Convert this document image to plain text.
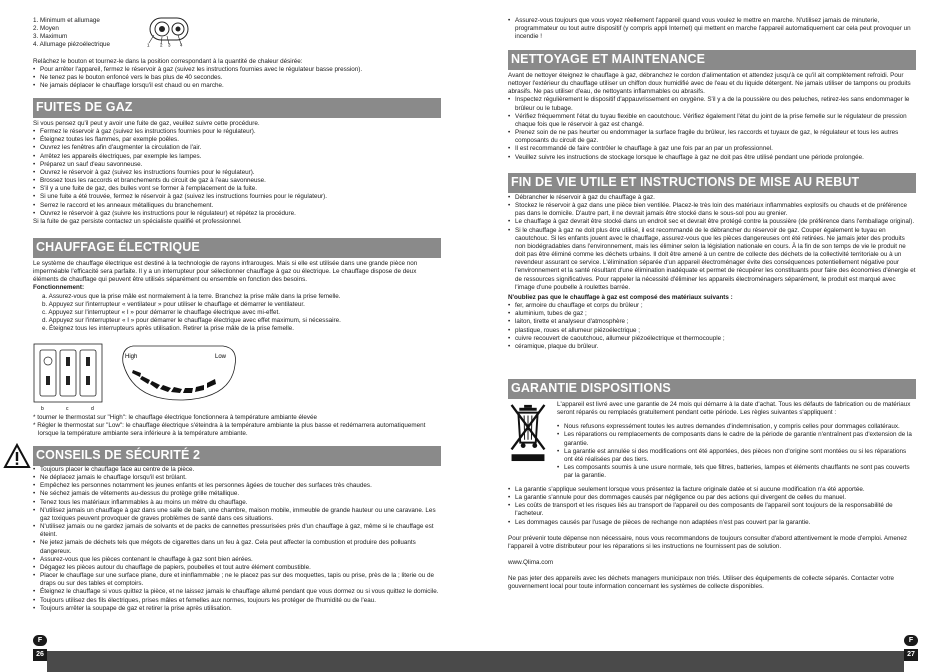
1. Minimum et allumage

2. Moyen

3. Maximum

4. Allumage piézoélectrique	1 2 3 4

Relâchez le bouton et tournez-le dans la position correspondant à la quantité de chaleur désirée:

• Pour arrêter l'appareil, fermez le réservoir à gaz (suivez les instructions fournies avec le régulateur basse pression).
• Ne tenez pas le bouton enfoncé vers le bas plus de 40 secondes.
• Ne jamais déplacer le chauffage lorsqu'il est chaud ou en marche.
FUITES DE GAZ

Si vous pensez qu'il peut y avoir une fuite de gaz, veuillez suivre cette procédure.

• Fermez le réservoir à gaz (suivez les instructions fournies pour le régulateur).
• Éteignez toutes les flammes, par exemple poêles.
• Ouvrez les fenêtres afin d'augmenter la circulation de l'air.
• Arrêtez les appareils électriques, par exemple les lampes.
• Préparez un sauf d'eau savonneuse.
• Ouvrez le réservoir à gaz (suivez les instructions fournies pour le régulateur).
• Brossez tous les raccords et branchements du circuit de gaz à l'eau savonneuse.
• S'il y a une fuite de gaz, des bulles vont se former à l'emplacement de la fuite.
• Si une fuite a été trouvée, fermez le réservoir à gaz (suivez les instructions fournies pour le régulateur).
• Serrez le raccord et les anneaux métalliques du branchement.
• Ouvrez le réservoir à gaz (suivre les instructions pour le régulateur) et répétez la procédure.

Si la fuite de gaz persiste contactez un spécialiste qualifié et professionnel.

CHAUFFAGE ÉLECTRIQUE

Le système de chauffage électrique est destiné à la technologie de rayons infrarouges. Mais si elle est utilisée dans une grande pièce non imperméable l'efficacité sera parfaite. Il y a un interrupteur pour sélectionner chauffage à gaz ou électrique. Le chauffage dispose de deux éléments de chauffage qui peuvent être utilisés séparément ou ensemble en fonction des besoins.

Fonctionnement:

a. Assurez-vous que la prise mâle est normalement à la terre. Branchez la prise mâle dans la prise femelle.
b. Appuyez sur l'interrupteur « ventilateur » pour utiliser le chauffage et démarrer le ventilateur.
c. Appuyez sur l'interrupteur « I » pour démarrer le chauffage électrique avec mi-effet.
d. Appuyez sur l'interrupteur « I » pour démarrer le chauffage électrique avec effet maximum, si nécessaire.
e. Éteignez tous les interrupteurs après utilisation. Retirer la prise mâle de la prise femelle.
b	c	d
High	Low

* tourner le thermostat sur "High": le chauffage électrique fonctionnera à température ambiante élevée

* Régler le thermostat sur "Low": le chauffage électrique s'éteindra à la température ambiante la plus basse et redémarrera automatiquement lorsque la température ambiante sera inférieure à la température ambiante.

CONSEILS DE SÉCURITÉ 2
• Toujours placer le chauffage face au centre de la pièce.
• Ne déplacez jamais le chauffage lorsqu'il est brûlant.
• Empêchez les personnes notamment les jeunes enfants et les personnes âgées de toucher des surfaces très chaudes.
• Ne séchez jamais de vêtements au-dessus du protège grille métallique.
• Tenez tous les matériaux inflammables à au moins un mètre du chauffage.
• N'utilisez jamais un chauffage à gaz dans une salle de bain, une chambre, maison mobile, immeuble de grande hauteur ou une caravane. Les gaz toxiques peuvent provoquer de graves problèmes de santé dans ces situations.
• N'utilisez jamais ou ne gardez jamais de solvants et de packs de cannettes pressurisées près d'un chauffage à gaz, même si le chauffage est éteint.
• Ne jetez jamais de déchets tels que mégots de cigarettes dans un feu à gaz. Cela peut affecter la combustion et produire des polluants dangereux.
• Assurez-vous que les pièces contenant le chauffage à gaz sont bien aérées.
• Dégagez les pièces autour du chauffage de papiers, poubelles et tout autre élément combustible.
• Placer le chauffage sur une surface plane, dure et ininflammable ; ne le placez pas sur des moquettes, tapis ou prise, près de la ; literie ou de draps ou sur des tables et comptoirs.
• Éteignez le chauffage si vous quittez la pièce, et ne laissez jamais le chauffage allumé pendant que vous dormez ou si vous quittez le domicile.
• Toujours utilisez des fils électriques, prises mâles et femelles aux normes, toujours les protéger de l'humidité ou de l'eau.
• Toujours arrêter la soupape de gaz et retirer la prise après utilisation.
F
26
• Assurez-vous toujours que vous voyez réellement l'appareil quand vous voulez le mettre en marche. N'utilisez jamais de minuterie, programmateur ou tout autre dispositif (y compris appli Internet) qui mettent en marche l'appareil automatiquement car cela peut provoquer un incendie !
NETTOYAGE ET MAINTENANCE

Avant de nettoyer éteignez le chauffage à gaz, débranchez le cordon d'alimentation et attendez jusqu'à ce qu'il ait complètement refroidi. Pour nettoyer l'extérieur du chauffage utiliser un chiffon doux humidifié avec de l'eau et du liquide détergent. Ne jamais utiliser de tampons ou produits abrasifs. Ne pas utiliser d'eau, de nettoyants inflammables ou abrasifs.

• Inspectez régulièrement le dispositif d'appauvrissement en oxygène. S'il y a de la poussière ou des peluches, retirez-les sans endommager le brûleur ou le tubage.
• Vérifiez fréquemment l'état du tuyau flexible en caoutchouc. Vérifiez également l'état du joint de la prise femelle sur le régulateur de pression chaque fois que le réservoir à gaz est changé.
• Prenez soin de ne pas heurter ou endommager la surface fragile du brûleur, les raccords et tuyaux de gaz, le régulateur et tous les autres composants du circuit de gaz.
• Il est recommandé de faire contrôler le chauffage à gaz une fois par an par un professionnel.
• Veuillez suivre les instructions de stockage lorsque le chauffage à gaz ne doit pas être utilisé pendant une période prolongée.
FIN DE VIE UTILE ET INSTRUCTIONS DE MISE AU REBUT
• Débrancher le réservoir à gaz du chauffage à gaz.
• Stockez le réservoir à gaz dans une pièce bien ventilée. Placez-le très loin des matériaux inflammables explosifs ou chauds et de préférence pas dans le domicile. D'autre part, il ne devrait jamais être stocké dans le sous-sol pou au grenier.
• Le chauffage à gaz devrait être stocké dans un endroit sec et devrait être protégé contre la poussière (de préférence dans l'emballage original).
• Si le chauffage à gaz ne doit plus être utilisé, il est recommandé de le débrancher du réservoir de gaz. Couper également le tuyau en caoutchouc. Si les enfants jouent avec le chauffage, assurez-vous que les pièces dangereuses ont été retirées. Ne jamais jeter des produits non biodégradables dans l'environnement, mais les éliminer selon la législation nationale en cours. À la fin de son temps de vie le produit ne doit pas être éliminé comme les déchets urbains. Il doit être amené à un centre de collecte des déchets de la collectivité territoriale ou à un revendeur assurant ce service. L'élimination séparée d'un appareil électroménager évite des conséquences potentiellement négative pour l'environnement et la santé résultant d'une élimination inadéquate et permet de récupérer les constituants pour faire des économies d'énergie et de ressources significatives. Pour rappeler la nécessité d'éliminer les appareils électroménagers séparément, le produit est marqué avec l'image d'une poubelle à roulettes barrée.

N'oubliez pas que le chauffage à gaz est composé des matériaux suivants :

• fer, armoire du chauffage et corps du brûleur ;
• aluminium, tubes de gaz ;
• laiton, tirette et analyseur d'atmosphère ;
• plastique, roues et allumeur piézoélectrique ;
• cuivre recouvert de caoutchouc, allumeur piézoélectrique et thermocouple ;
• céramique, plaque du brûleur.
GARANTIE DISPOSITIONS

L'appareil est livré avec une garantie de 24 mois qui démarre à la date d'achat. Tous les défauts de fabrication ou de matériaux seront réparés ou remplacés gratuitement pendant cette période. Les règles suivantes s'appliquent :

• Nous refusons expressément toutes les autres demandes d'indemnisation, y compris celles pour dommages collatéraux.
• Les réparations ou remplacements de composants dans le cadre de la période de garantie n'entraînent pas d'extension de la garantie.
• La garantie est annulée si des modifications ont été apportées, des pièces non d'origine sont montées ou si les réparations ont été réalisées par des tiers.
• Les composants soumis à une usure normale, tels que filtres, batteries, lampes et éléments chauffants ne sont pas couverts par la garantie.
• La garantie s'applique seulement lorsque vous présentez la facture originale datée et si aucune modification n'a été apportée.
• La garantie s'annule pour des dommages causés par négligence ou par des actions qui divergent de celles du manuel.
• Les coûts de transport et les risques liés au transport de l'appareil ou des composants de l'appareil sont toujours de la responsabilité de l'acheteur.
• Les dommages causés par l'usage de pièces de rechange non adaptées n'est pas couvert par la garantie.

Pour prévenir toute dépense non nécessaire, nous vous recommandons de toujours consulter d'abord attentivement le mode d'emploi. Amenez l'appareil à votre distributeur pour les réparations si les instructions ne fournissent pas de solution.

www.Qlima.com

Ne pas jeter des appareils avec les déchets managers municipaux non triés. Utiliser des équipements de collecte séparés. Contacter votre gouvernement local pour toute information concernant les systèmes de collecte disponibles.

F
27
